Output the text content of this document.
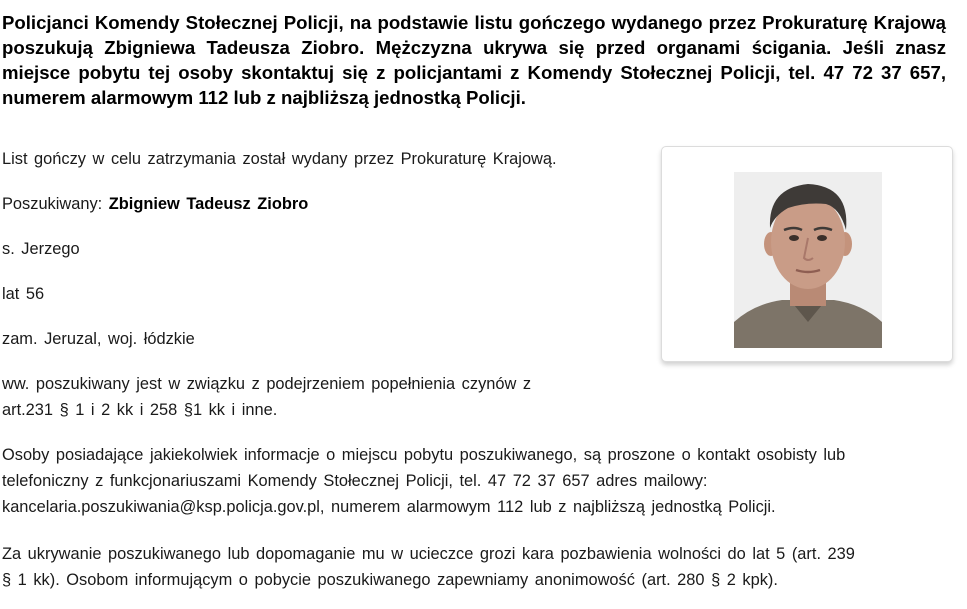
Policjanci Komendy Stołecznej Policji, na podstawie listu gończego wydanego przez Prokuraturę Krajową poszukują Zbigniewa Tadeusza Ziobro. Mężczyzna ukrywa się przed organami ścigania. Jeśli znasz miejsce pobytu tej osoby skontaktuj się z policjantami z Komendy Stołecznej Policji, tel. 47 72 37 657, numerem alarmowym 112 lub z najbliższą jednostką Policji.

List gończy w celu zatrzymania został wydany przez Prokuraturę Krajową.

Poszukiwany: Zbigniew Tadeusz Ziobro

s. Jerzego

lat 56

zam. Jeruzal, woj. łódzkie

ww. poszukiwany jest w związku z podejrzeniem popełnienia czynów z

art.231 § 1 i 2 kk i 258 §1 kk i inne.

Osoby posiadające jakiekolwiek informacje o miejscu pobytu poszukiwanego, są proszone o kontakt osobisty lub

telefoniczny z funkcjonariuszami Komendy Stołecznej Policji, tel. 47 72 37 657 adres mailowy:

kancelaria.poszukiwania@ksp.policja.gov.pl, numerem alarmowym 112 lub z najbliższą jednostką Policji.

Za ukrywanie poszukiwanego lub dopomaganie mu w ucieczce grozi kara pozbawienia wolności do lat 5 (art. 239

§ 1 kk). Osobom informującym o pobycie poszukiwanego zapewniamy anonimowość (art. 280 § 2 kpk).
